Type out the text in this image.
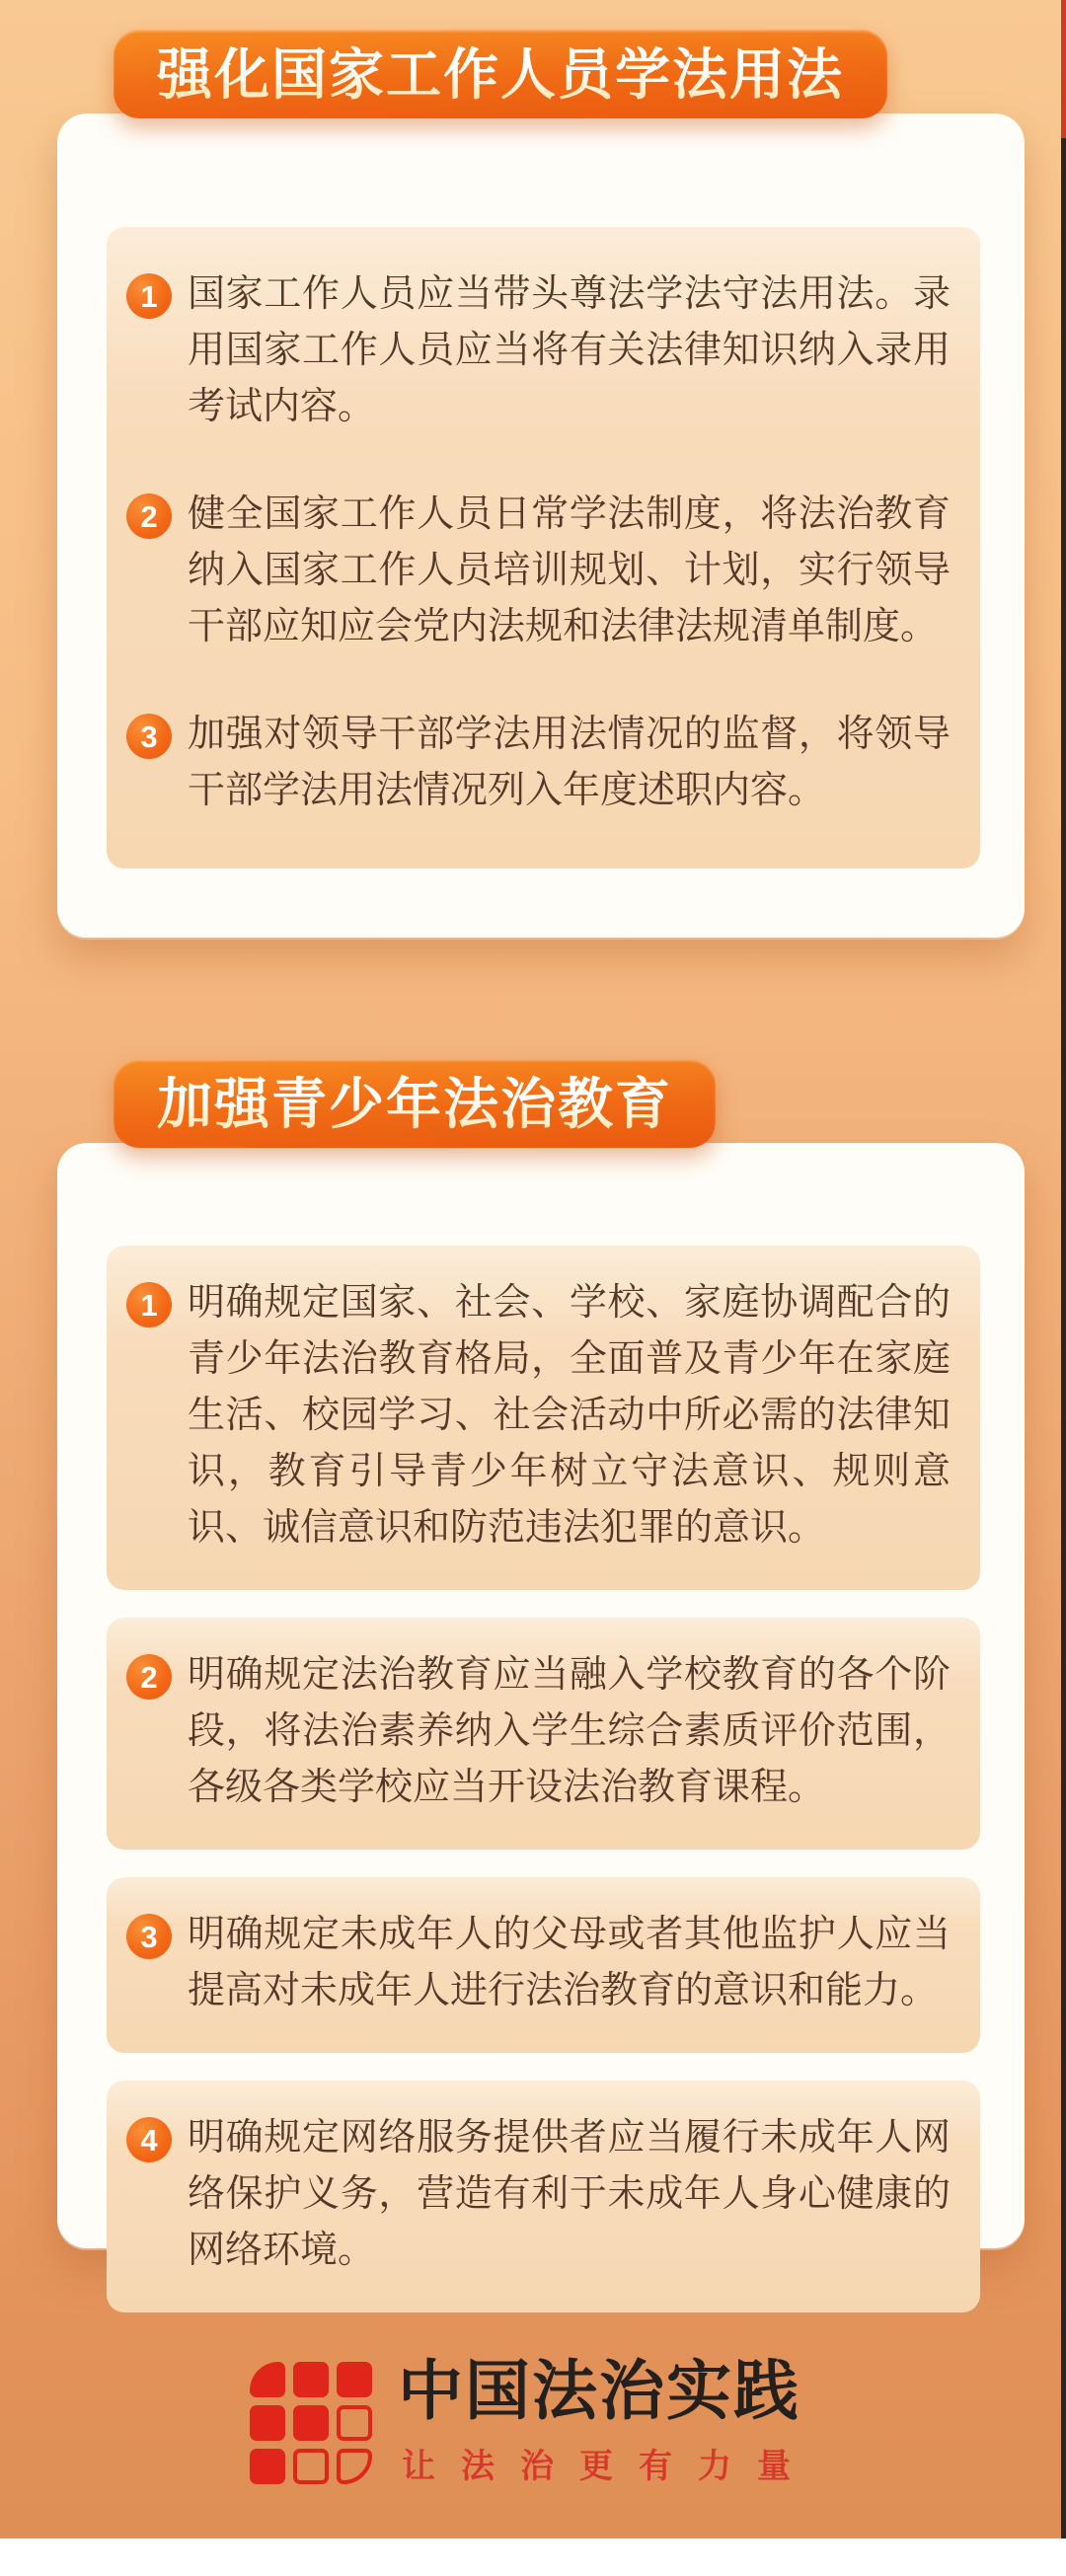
强化国家工作人员学法用法
1 国家工作人员应当带头尊法学法守法用法。录用国家工作人员应当将有关法律知识纳入录用考试内容。

2 健全国家工作人员日常学法制度，将法治教育纳入国家工作人员培训规划、计划，实行领导干部应知应会党内法规和法律法规清单制度。

3 加强对领导干部学法用法情况的监督，将领导干部学法用法情况列入年度述职内容。

加强青少年法治教育
1 明确规定国家、社会、学校、家庭协调配合的青少年法治教育格局，全面普及青少年在家庭生活、校园学习、社会活动中所必需的法律知识，教育引导青少年树立守法意识、规则意识、诚信意识和防范违法犯罪的意识。

2 明确规定法治教育应当融入学校教育的各个阶段，将法治素养纳入学生综合素质评价范围，各级各类学校应当开设法治教育课程。

3 明确规定未成年人的父母或者其他监护人应当提高对未成年人进行法治教育的意识和能力。

4 明确规定网络服务提供者应当履行未成年人网络保护义务，营造有利于未成年人身心健康的网络环境。

中国法治实践
让法治更有力量
